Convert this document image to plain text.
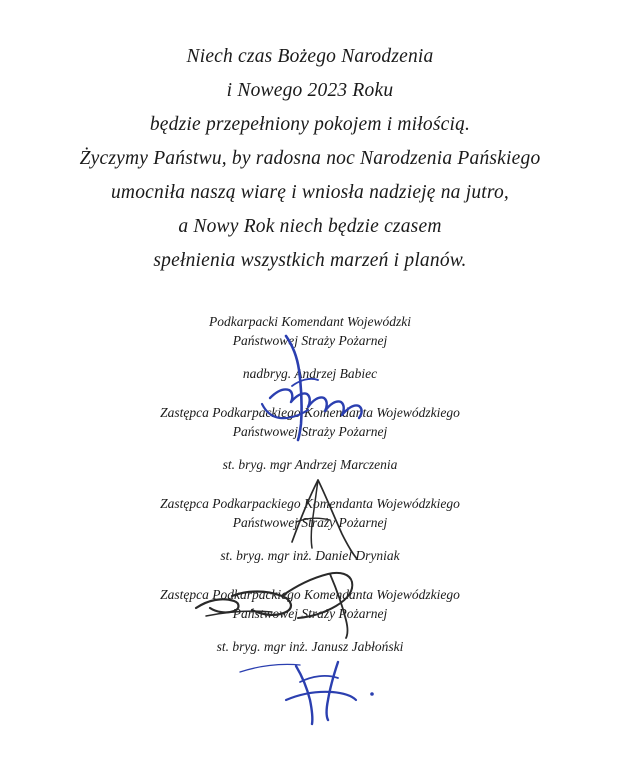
Niech czas Bożego Narodzenia
i Nowego 2023 Roku
będzie przepełniony pokojem i miłością.
Życzymy Państwu, by radosna noc Narodzenia Pańskiego
umocniła naszą wiarę i wniosła nadzieję na jutro,
a Nowy Rok niech będzie czasem
spełnienia wszystkich marzeń i planów.
Podkarpacki Komendant Wojewódzki
Państwowej Straży Pożarnej
nadbryg. Andrzej Babiec
Zastępca Podkarpackiego Komendanta Wojewódzkiego
Państwowej Straży Pożarnej
st. bryg. mgr Andrzej Marczenia
Zastępca Podkarpackiego Komendanta Wojewódzkiego
Państwowej Straży Pożarnej
st. bryg. mgr inż. Daniel Dryniak
Zastępca Podkarpackiego Komendanta Wojewódzkiego
Państwowej Straży Pożarnej
st. bryg. mgr inż. Janusz Jabłoński
